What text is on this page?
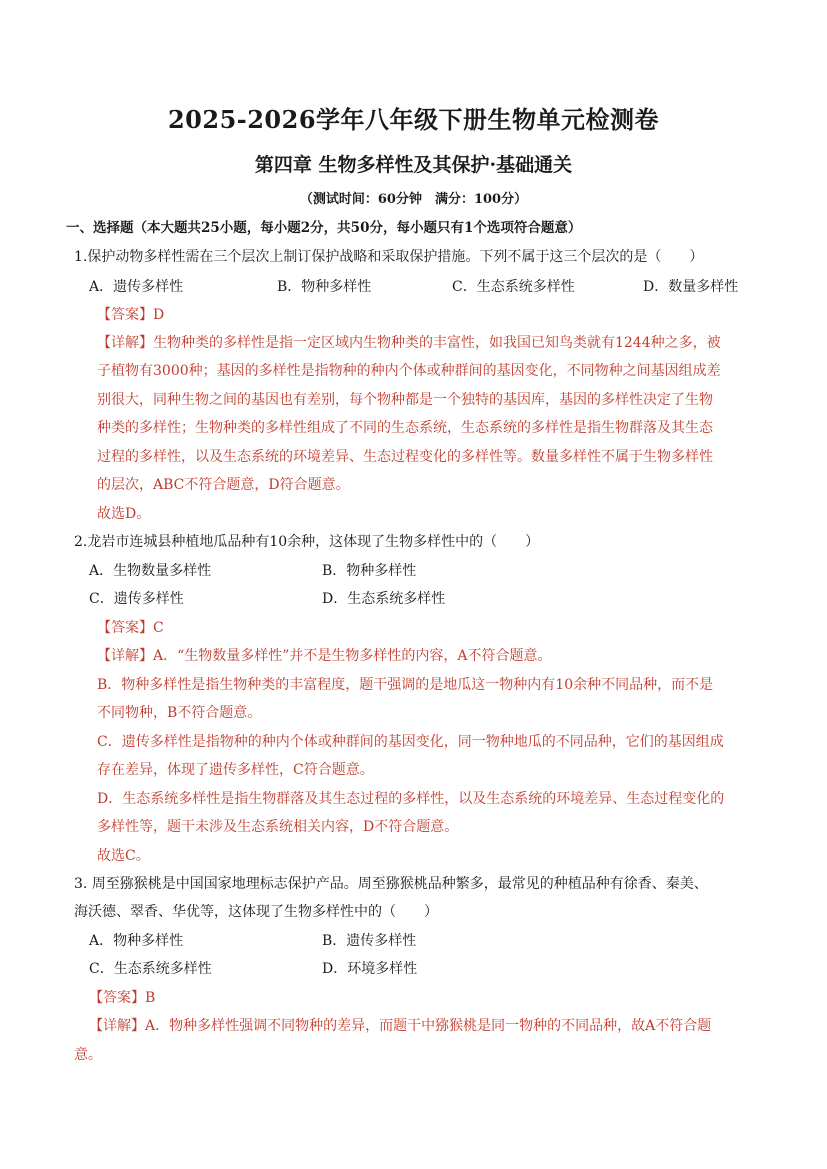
2025-2026学年八年级下册生物单元检测卷
第四章 生物多样性及其保护·基础通关
（测试时间：60分钟　满分：100分）
一、选择题（本大题共25小题，每小题2分，共50分，每小题只有1个选项符合题意）
1.保护动物多样性需在三个层次上制订保护战略和采取保护措施。下列不属于这三个层次的是（　　）
A．遗传多样性	B．物种多样性	C．生态系统多样性	D．数量多样性
【答案】D
【详解】生物种类的多样性是指一定区域内生物种类的丰富性，如我国已知鸟类就有1244种之多，被
子植物有3000种；基因的多样性是指物种的种内个体或种群间的基因变化，不同物种之间基因组成差
别很大，同种生物之间的基因也有差别，每个物种都是一个独特的基因库，基因的多样性决定了生物
种类的多样性；生物种类的多样性组成了不同的生态系统，生态系统的多样性是指生物群落及其生态
过程的多样性，以及生态系统的环境差异、生态过程变化的多样性等。数量多样性不属于生物多样性
的层次，ABC不符合题意，D符合题意。
故选D。
2.龙岩市连城县种植地瓜品种有10余种，这体现了生物多样性中的（　　）
A．生物数量多样性	B．物种多样性
C．遗传多样性	D．生态系统多样性
【答案】C
【详解】A．“生物数量多样性”并不是生物多样性的内容，A不符合题意。
B．物种多样性是指生物种类的丰富程度，题干强调的是地瓜这一物种内有10余种不同品种，而不是
不同物种，B不符合题意。
C．遗传多样性是指物种的种内个体或种群间的基因变化，同一物种地瓜的不同品种，它们的基因组成
存在差异，体现了遗传多样性，C符合题意。
D．生态系统多样性是指生物群落及其生态过程的多样性，以及生态系统的环境差异、生态过程变化的
多样性等，题干未涉及生态系统相关内容，D不符合题意。
故选C。
3. 周至猕猴桃是中国国家地理标志保护产品。周至猕猴桃品种繁多，最常见的种植品种有徐香、秦美、
海沃德、翠香、华优等，这体现了生物多样性中的（　　）
A．物种多样性	B．遗传多样性
C．生态系统多样性	D．环境多样性
【答案】B
【详解】A．物种多样性强调不同物种的差异，而题干中猕猴桃是同一物种的不同品种，故A不符合题
意。
